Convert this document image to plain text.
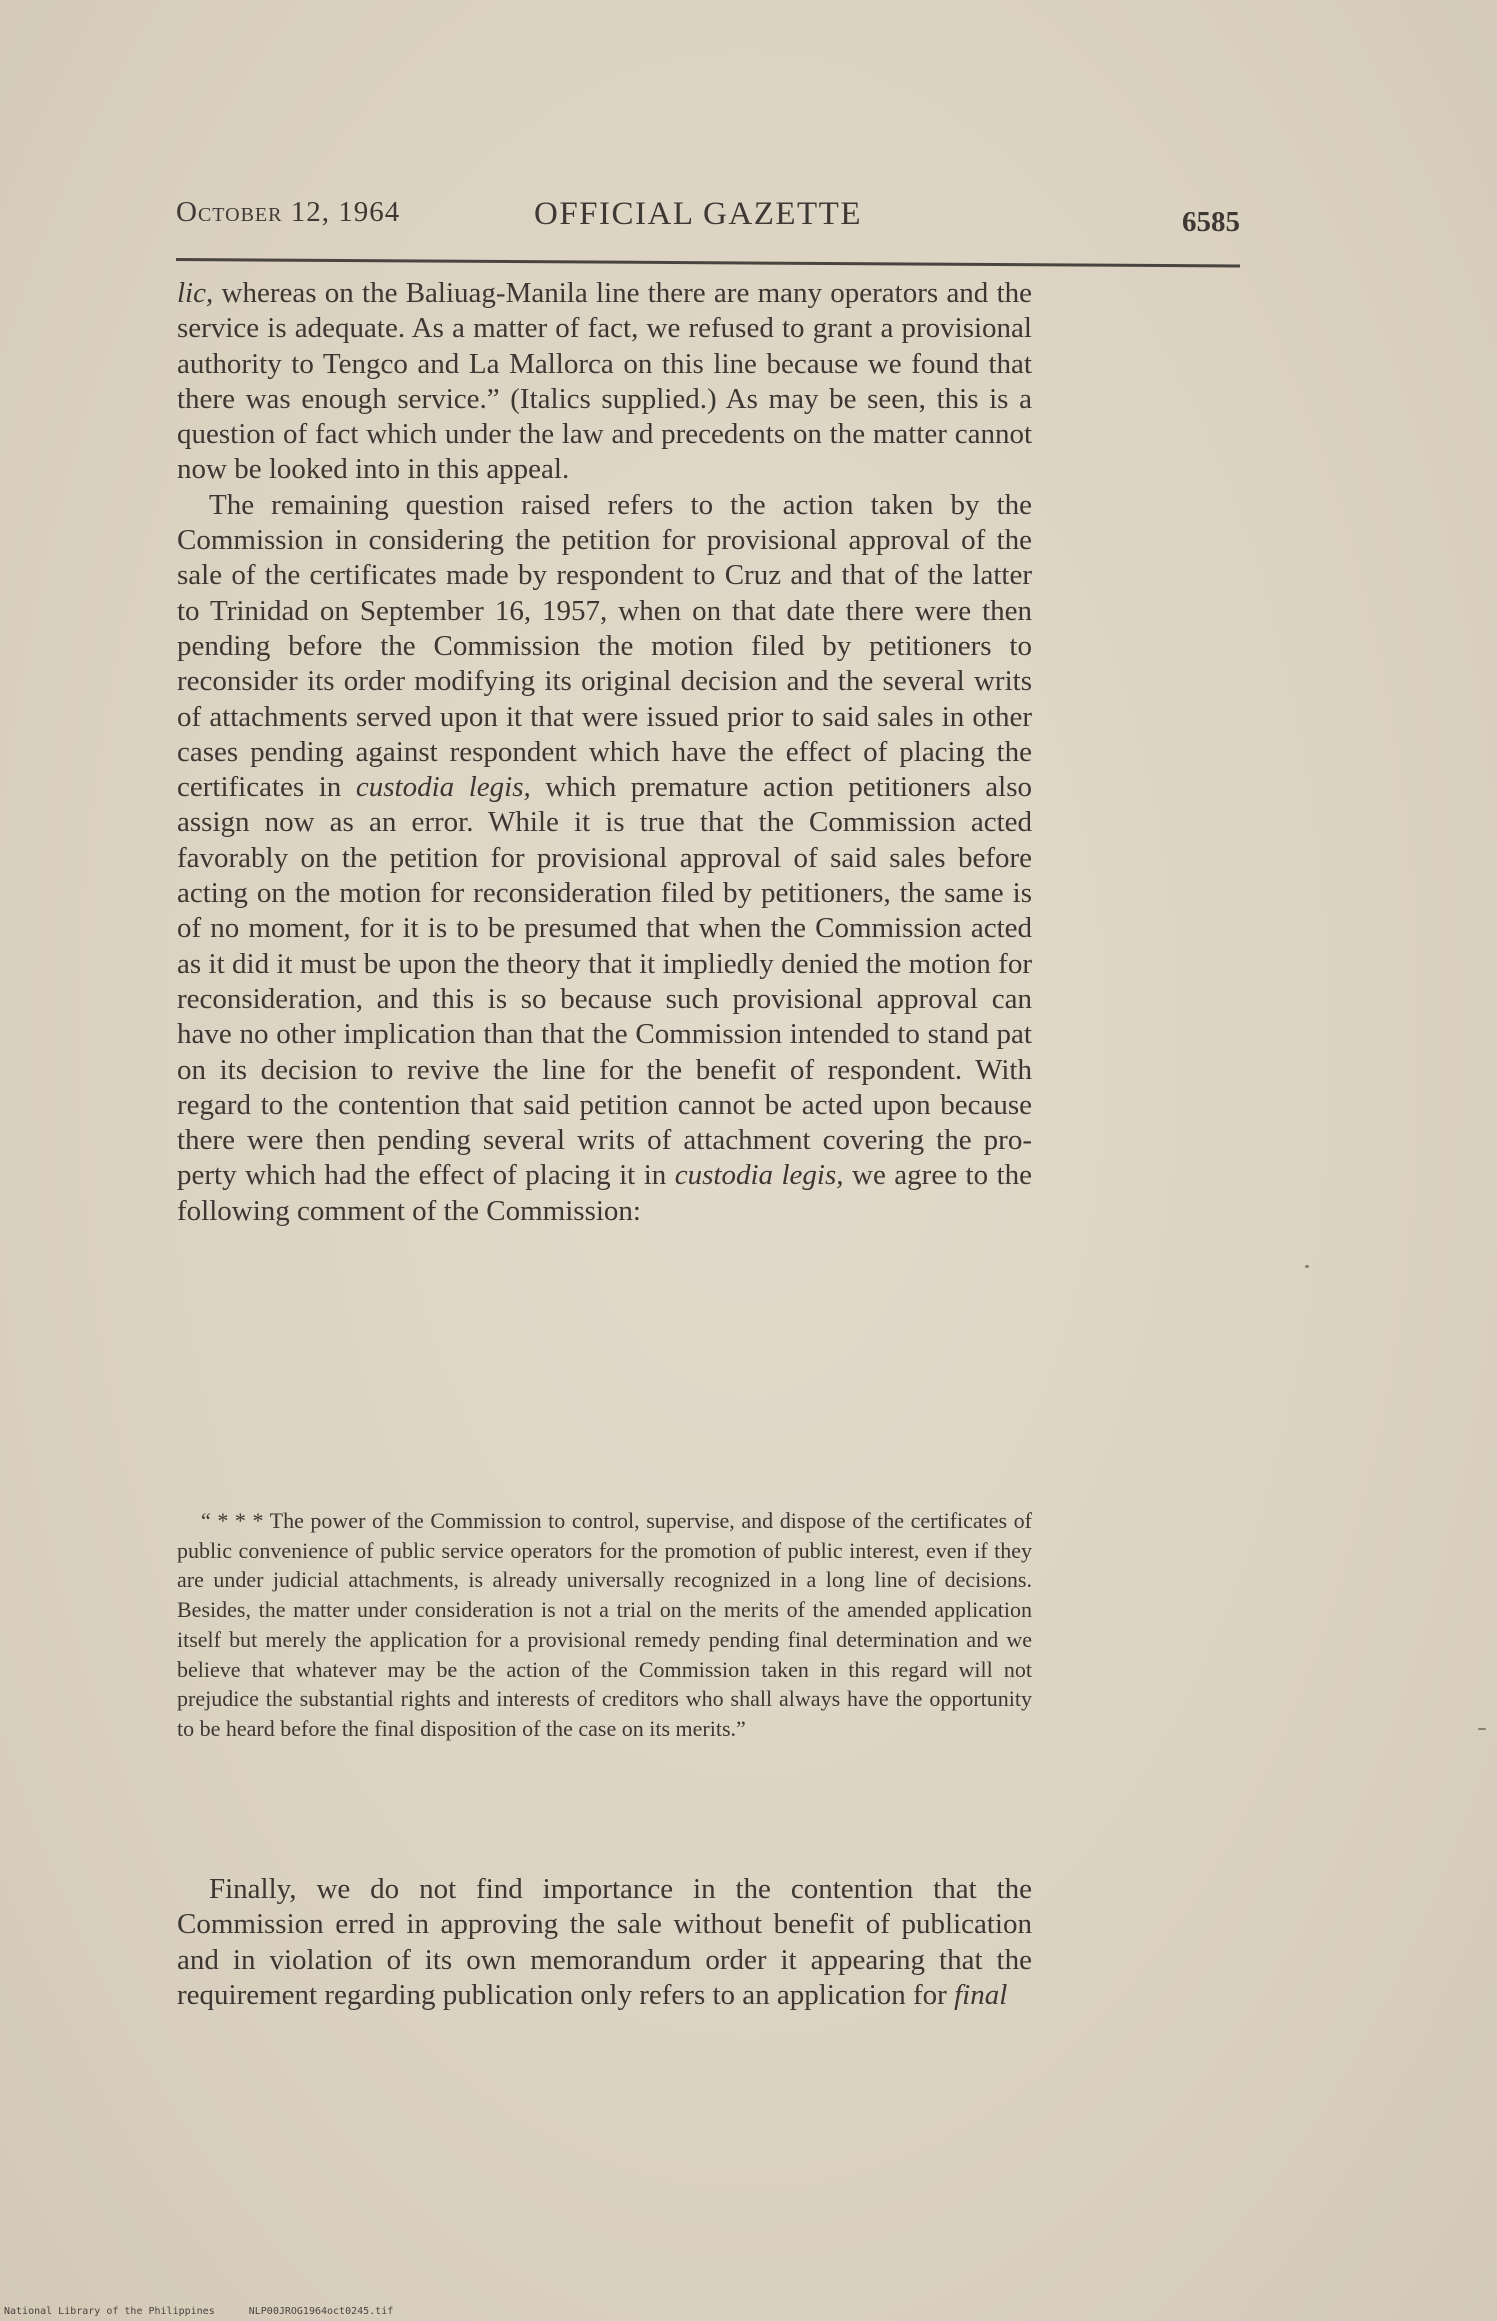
October 12, 1964	OFFICIAL GAZETTE	6585

lic, whereas on the Baliuag-Manila line there are many operators and the service is adequate. As a matter of fact, we refused to grant a provisional authority to Tengco and La Mallorca on this line because we found that there was enough service.” (Italics supplied.) As may be seen, this is a question of fact which under the law and precedents on the matter cannot now be looked into in this appeal.

The remaining question raised refers to the action taken by the Commission in considering the petition for provisional approval of the sale of the certificates made by respondent to Cruz and that of the latter to Trinidad on September 16, 1957, when on that date there were then pending before the Commission the motion filed by petitioners to reconsider its order modifying its original decision and the several writs of attachments served upon it that were issued prior to said sales in other cases pending against respondent which have the effect of placing the certificates in custodia legis, which premature action petitioners also assign now as an error. While it is true that the Commission acted favorably on the petition for provisional approval of said sales before acting on the motion for reconsideration filed by petitioners, the same is of no moment, for it is to be presumed that when the Commission acted as it did it must be upon the theory that it impliedly denied the motion for reconsideration, and this is so because such provisional approval can have no other implication than that the Commission intended to stand pat on its decision to revive the line for the benefit of respondent. With regard to the contention that said petition cannot be acted upon because there were then pending several writs of attachment covering the property which had the effect of placing it in custodia legis, we agree to the following comment of the Commission:

“ * * * The power of the Commission to control, supervise, and dispose of the certificates of public convenience of public service operators for the promotion of public interest, even if they are under judicial attachments, is already universally recognized in a long line of decisions. Besides, the matter under consideration is not a trial on the merits of the amended application itself but merely the application for a provisional remedy pending final determination and we believe that whatever may be the action of the Commission taken in this regard will not prejudice the substantial rights and interests of creditors who shall always have the opportunity to be heard before the final disposition of the case on its merits.”

Finally, we do not find importance in the contention that the Commission erred in approving the sale without benefit of publication and in violation of its own memorandum order it appearing that the requirement regarding publication only refers to an application for final

National Library of the Philippines	NLP00JROG1964oct0245.tif
